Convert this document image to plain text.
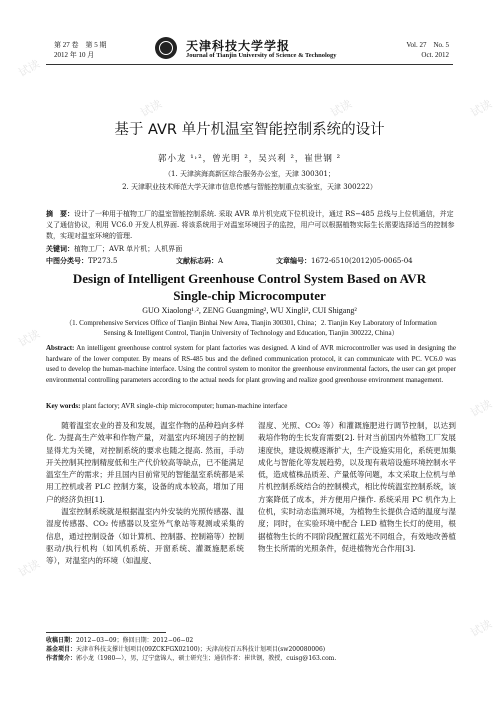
第 27 卷　第 5 期
2012 年 10 月
天津科技大学学报
Journal of Tianjin University of Science & Technology
Vol. 27　No. 5
Oct. 2012
基于 AVR 单片机温室智能控制系统的设计
郭小龙 ¹˒²，曾光明 ²，吴兴利 ²，崔世钢 ²
（1. 天津滨海高新区综合服务办公室，天津 300301；
2. 天津职业技术师范大学天津市信息传感与智能控制重点实验室，天津 300222）
摘　要：设计了一种用于植物工厂的温室智能控制系统. 采取 AVR 单片机完成下位机设计，通过 RS−485 总线与上位机通信，并定义了通信协议，利用 VC6.0 开发人机界面. 将该系统用于对温室环境因子的监控，用户可以根据植物实际生长需要选择适当的控制参数，实现对温室环境的管理.
关键词：植物工厂；AVR 单片机；人机界面
中图分类号：TP273.5	文献标志码：A	文章编号：1672-6510(2012)05-0065-04
Design of Intelligent Greenhouse Control System Based on AVR
Single-chip Microcomputer
GUO Xiaolong¹˒², ZENG Guangming², WU Xingli², CUI Shigang²
（1. Comprehensive Services Office of Tianjin Binhai New Area, Tianjin 300301, China；2. Tianjin Key Laboratory of Information Sensing & Intelligent Control, Tianjin University of Technology and Education, Tianjin 300222, China）
Abstract: An intelligent greenhouse control system for plant factories was designed. A kind of AVR microcontroller was used in designing the hardware of the lower computer. By means of RS-485 bus and the defined communication protocol, it can communicate with PC. VC6.0 was used to develop the human-machine interface. Using the control system to monitor the greenhouse environmental factors, the user can get proper environmental controlling parameters according to the actual needs for plant growing and realize good greenhouse environment management.
Key words: plant factory; AVR single-chip microcomputer; human-machine interface

随着温室农业的普及和发展，温室作物的品种趋向多样化. 为提高生产效率和作物产量，对温室内环境因子的控制显得尤为关键，对控制系统的要求也随之提高. 然而，手动开关控制其控制精度低和生产代价较高等缺点，已不能满足温室生产的需求；并且国内目前常见的智能温室系统都是采用工控机或者 PLC 控制方案，设备的成本较高，增加了用户的经济负担[1].

温室控制系统就是根据温室内外安装的光照传感器、温湿度传感器、CO₂ 传感器以及室外气象站等观测或采集的信息，通过控制设备（如计算机、控制器、控制箱等）控制驱动/执行机构（如风机系统、开窗系统、灌溉施肥系统等），对温室内的环境（如温度、

湿度、光照、CO₂ 等）和灌溉施肥进行调节控制，以达到栽培作物的生长发育需要[2]. 针对当前国内外植物工厂发展速度快，建设规模逐渐扩大，生产设施实用化，系统更加集成化与智能化等发展趋势，以及现有栽培设施环境控制水平低，造成植株品质差、产量低等问题，本文采取上位机与单片机控制系统结合的控制模式，相比传统温室控制系统，该方案降低了成本，并方便用户操作. 系统采用 PC 机作为上位机，实时动态监测环境，为植物生长提供合适的温度与湿度；同时，在实验环境中配合 LED 植物生长灯的使用，根据植物生长的不同阶段配置红蓝光不同组合，有效地改善植物生长所需的光照条件，促进植物光合作用[3].

收稿日期：2012−03−09；修回日期：2012−06−02
基金项目：天津市科技支撑计划项目(09ZCKFGX02100)；天津高校百五科技计划项目(sw200080006)
作者简介：郭小龙（1980—），男，辽宁盘锦人，硕士研究生；通信作者：崔世钢，教授，cuisg@163.com.
试读
试读
试读	试读
试读
试读
试读
试读
